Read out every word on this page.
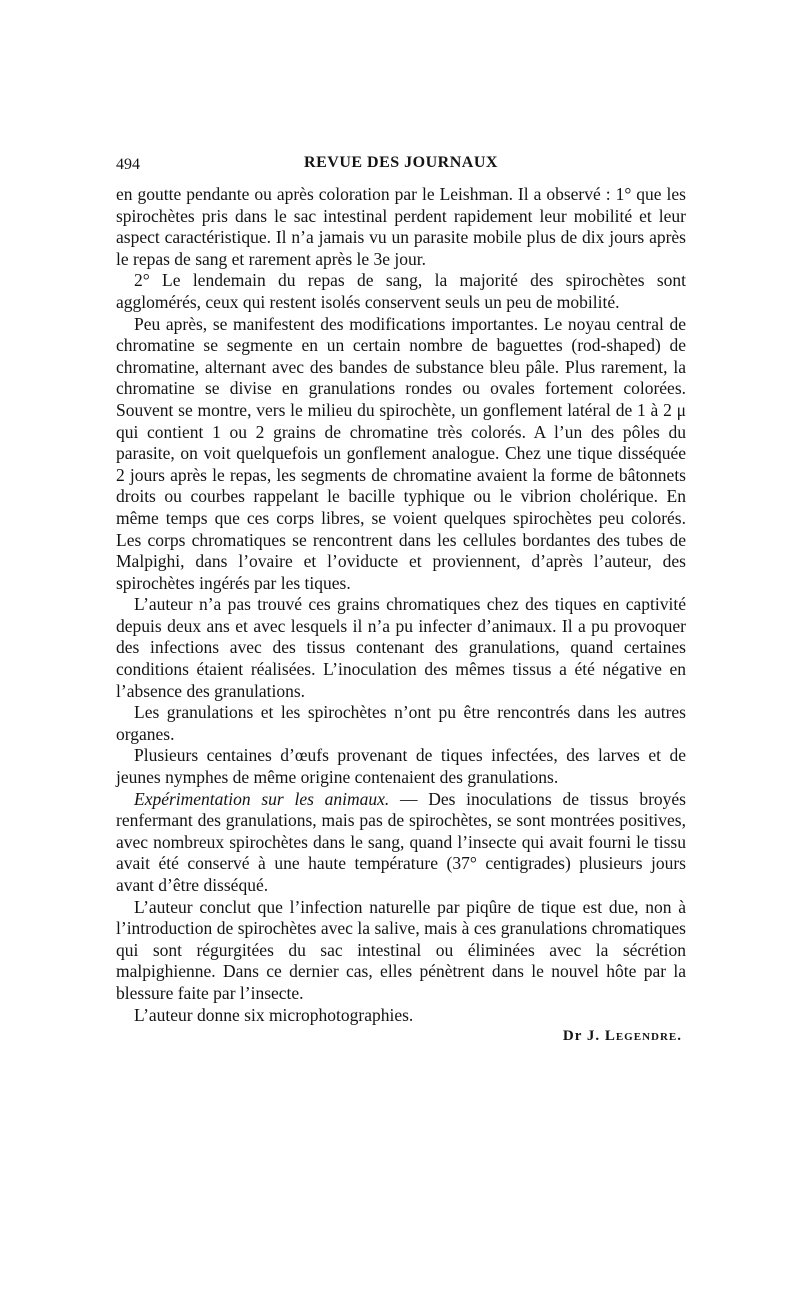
494	REVUE DES JOURNAUX

en goutte pendante ou après coloration par le Leishman. Il a observé : 1° que les spirochètes pris dans le sac intestinal perdent rapidement leur mobilité et leur aspect caractéristique. Il n’a jamais vu un parasite mobile plus de dix jours après le repas de sang et rarement après le 3e jour.

2° Le lendemain du repas de sang, la majorité des spirochètes sont agglomérés, ceux qui restent isolés conservent seuls un peu de mobilité.

Peu après, se manifestent des modifications importantes. Le noyau central de chromatine se segmente en un certain nombre de baguettes (rod-shaped) de chromatine, alternant avec des bandes de substance bleu pâle. Plus rarement, la chromatine se divise en granulations rondes ou ovales fortement colorées. Souvent se montre, vers le milieu du spirochète, un gonflement latéral de 1 à 2 μ qui contient 1 ou 2 grains de chromatine très colorés. A l’un des pôles du parasite, on voit quelquefois un gonflement analogue. Chez une tique disséquée 2 jours après le repas, les segments de chromatine avaient la forme de bâtonnets droits ou courbes rappelant le bacille typhique ou le vibrion cholérique. En même temps que ces corps libres, se voient quelques spirochètes peu colorés. Les corps chromatiques se rencontrent dans les cellules bordantes des tubes de Malpighi, dans l’ovaire et l’oviducte et proviennent, d’après l’auteur, des spirochètes ingérés par les tiques.

L’auteur n’a pas trouvé ces grains chromatiques chez des tiques en captivité depuis deux ans et avec lesquels il n’a pu infecter d’animaux. Il a pu provoquer des infections avec des tissus contenant des granulations, quand certaines conditions étaient réalisées. L’inoculation des mêmes tissus a été négative en l’absence des granulations.

Les granulations et les spirochètes n’ont pu être rencontrés dans les autres organes.

Plusieurs centaines d’œufs provenant de tiques infectées, des larves et de jeunes nymphes de même origine contenaient des granulations.

Expérimentation sur les animaux. — Des inoculations de tissus broyés renfermant des granulations, mais pas de spirochètes, se sont montrées positives, avec nombreux spirochètes dans le sang, quand l’insecte qui avait fourni le tissu avait été conservé à une haute température (37° centigrades) plusieurs jours avant d’être disséqué.

L’auteur conclut que l’infection naturelle par piqûre de tique est due, non à l’introduction de spirochètes avec la salive, mais à ces granulations chromatiques qui sont régurgitées du sac intestinal ou éliminées avec la sécrétion malpighienne. Dans ce dernier cas, elles pénètrent dans le nouvel hôte par la blessure faite par l’insecte.

L’auteur donne six microphotographies.

Dr J. Legendre.
